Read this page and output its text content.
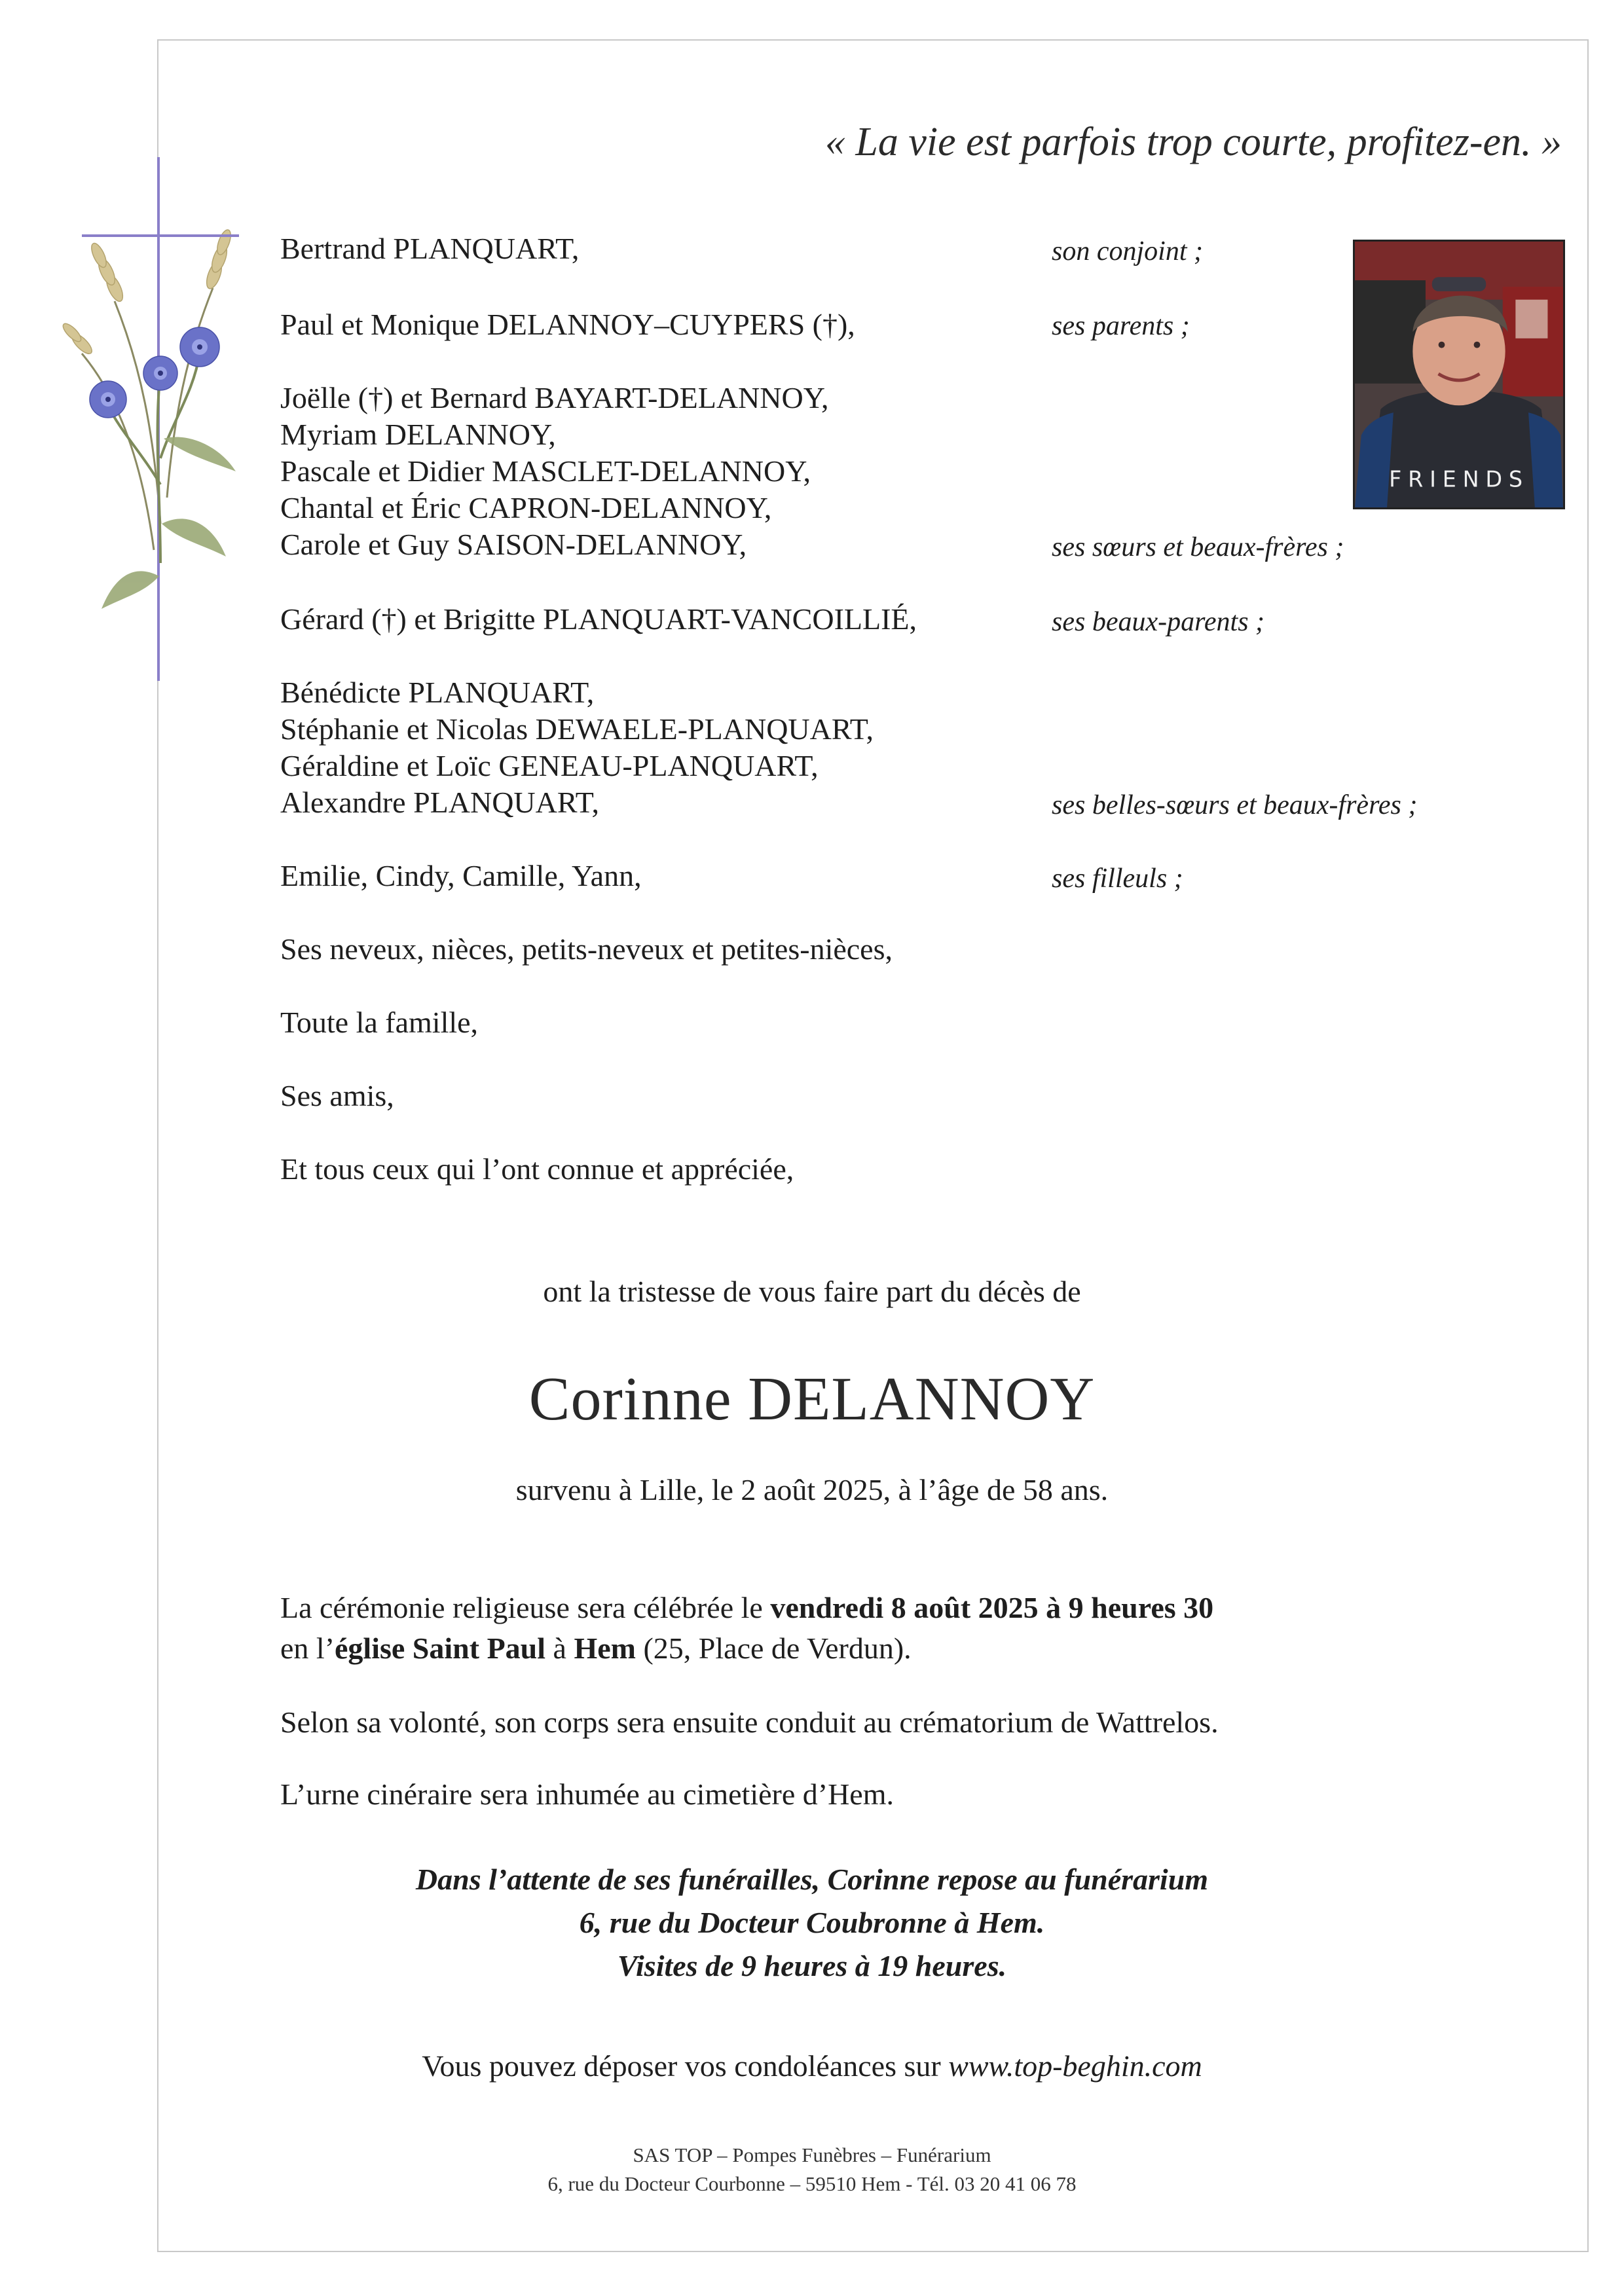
« La vie est parfois trop courte, profitez-en. »
FRIENDS
Bertrand PLANQUART,	son conjoint ;
Paul et Monique DELANNOY–CUYPERS (†),	ses parents ;
Joëlle (†) et Bernard BAYART-DELANNOY,
Myriam DELANNOY,
Pascale et Didier MASCLET-DELANNOY,
Chantal et Éric CAPRON-DELANNOY,
Carole et Guy SAISON-DELANNOY,	ses sœurs et beaux-frères ;
Gérard (†) et Brigitte PLANQUART-VANCOILLIÉ,	ses beaux-parents ;
Bénédicte PLANQUART,
Stéphanie et Nicolas DEWAELE-PLANQUART,
Géraldine et Loïc GENEAU-PLANQUART,
Alexandre PLANQUART,	ses belles-sœurs et beaux-frères ;
Emilie, Cindy, Camille, Yann,	ses filleuls ;
Ses neveux, nièces, petits-neveux et petites-nièces,
Toute la famille,
Ses amis,
Et tous ceux qui l’ont connue et appréciée,
ont la tristesse de vous faire part du décès de
Corinne DELANNOY
survenu à Lille, le 2 août 2025, à l’âge de 58 ans.
La cérémonie religieuse sera célébrée le vendredi 8 août 2025 à 9 heures 30
en l’église Saint Paul à Hem (25, Place de Verdun).
Selon sa volonté, son corps sera ensuite conduit au crématorium de Wattrelos.
L’urne cinéraire sera inhumée au cimetière d’Hem.
Dans l’attente de ses funérailles, Corinne repose au funérarium
6, rue du Docteur Coubronne à Hem.
Visites de 9 heures à 19 heures.
Vous pouvez déposer vos condoléances sur www.top-beghin.com
SAS TOP – Pompes Funèbres – Funérarium
6, rue du Docteur Courbonne – 59510 Hem - Tél. 03 20 41 06 78
